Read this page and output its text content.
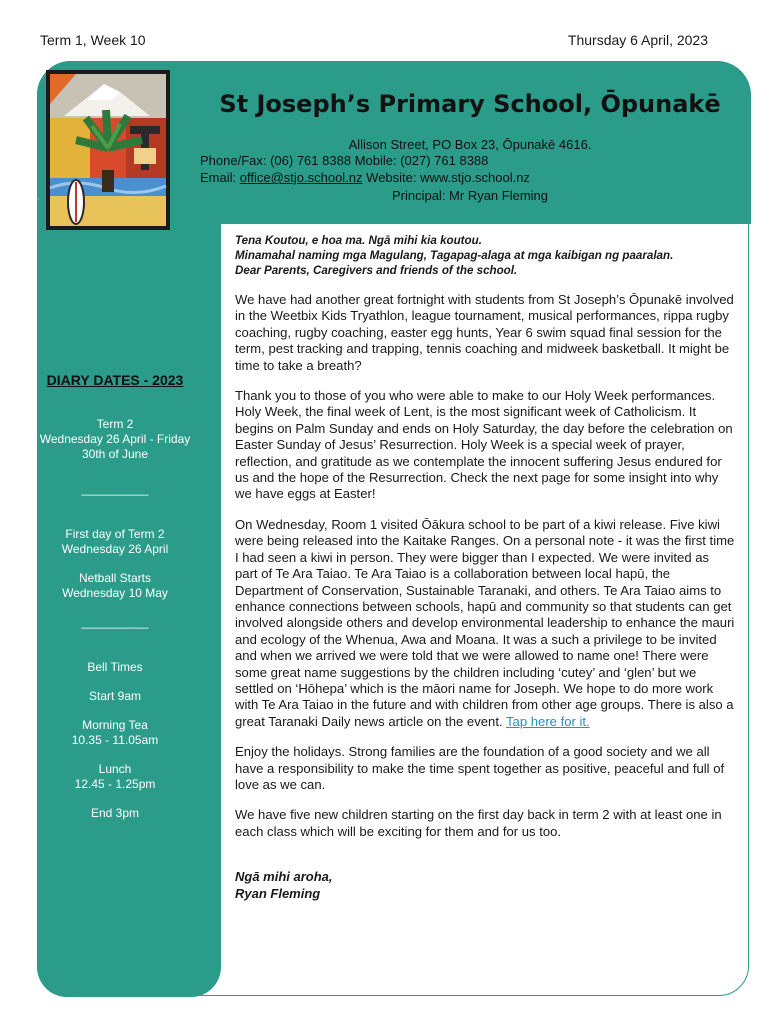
Term 1, Week 10	Thursday 6 April, 2023
St Joseph’s Primary School, Ōpunakē
Allison Street, PO Box 23, Ōpunakē 4616.
Phone/Fax: (06) 761 8388 Mobile: (027) 761 8388
Email: office@stjo.school.nz Website: www.stjo.school.nz
Principal: Mr Ryan Fleming
DIARY DATES - 2023
Term 2
Wednesday 26 April - Friday
30th of June
__________
First day of Term 2
Wednesday 26 April
Netball Starts
Wednesday 10 May
__________
Bell Times
Start 9am
Morning Tea
10.35 - 11.05am
Lunch
12.45 - 1.25pm
End 3pm
Tena Koutou, e hoa ma. Ngā mihi kia koutou.
Minamahal naming mga Magulang, Tagapag-alaga at mga kaibigan ng paaralan.
Dear Parents, Caregivers and friends of the school.

We have had another great fortnight with students from St Joseph’s Ōpunakē involved in the Weetbix Kids Tryathlon, league tournament, musical performances, rippa rugby coaching, rugby coaching, easter egg hunts, Year 6 swim squad final session for the term, pest tracking and trapping, tennis coaching and midweek basketball. It might be time to take a breath?

Thank you to those of you who were able to make to our Holy Week performances. Holy Week, the final week of Lent, is the most significant week of Catholicism. It begins on Palm Sunday and ends on Holy Saturday, the day before the celebration on Easter Sunday of Jesus’ Resurrection. Holy Week is a special week of prayer, reflection, and gratitude as we contemplate the innocent suffering Jesus endured for us and the hope of the Resurrection. Check the next page for some insight into why we have eggs at Easter!

On Wednesday, Room 1 visited Ōākura school to be part of a kiwi release. Five kiwi were being released into the Kaitake Ranges. On a personal note - it was the first time I had seen a kiwi in person. They were bigger than I expected. We were invited as part of Te Ara Taiao. Te Ara Taiao is a collaboration between local hapū, the Department of Conservation, Sustainable Taranaki, and others. Te Ara Taiao aims to enhance connections between schools, hapū and community so that students can get involved alongside others and develop environmental leadership to enhance the mauri and ecology of the Whenua, Awa and Moana. It was a such a privilege to be invited and when we arrived we were told that we were allowed to name one! There were some great name suggestions by the children including ‘cutey’ and ‘glen’ but we settled on ‘Hōhepa’ which is the māori name for Joseph. We hope to do more work with Te Ara Taiao in the future and with children from other age groups. There is also a great Taranaki Daily news article on the event. Tap here for it.

Enjoy the holidays. Strong families are the foundation of a good society and we all have a responsibility to make the time spent together as positive, peaceful and full of love as we can.

We have five new children starting on the first day back in term 2 with at least one in each class which will be exciting for them and for us too.

Ngā mihi aroha,
Ryan Fleming
